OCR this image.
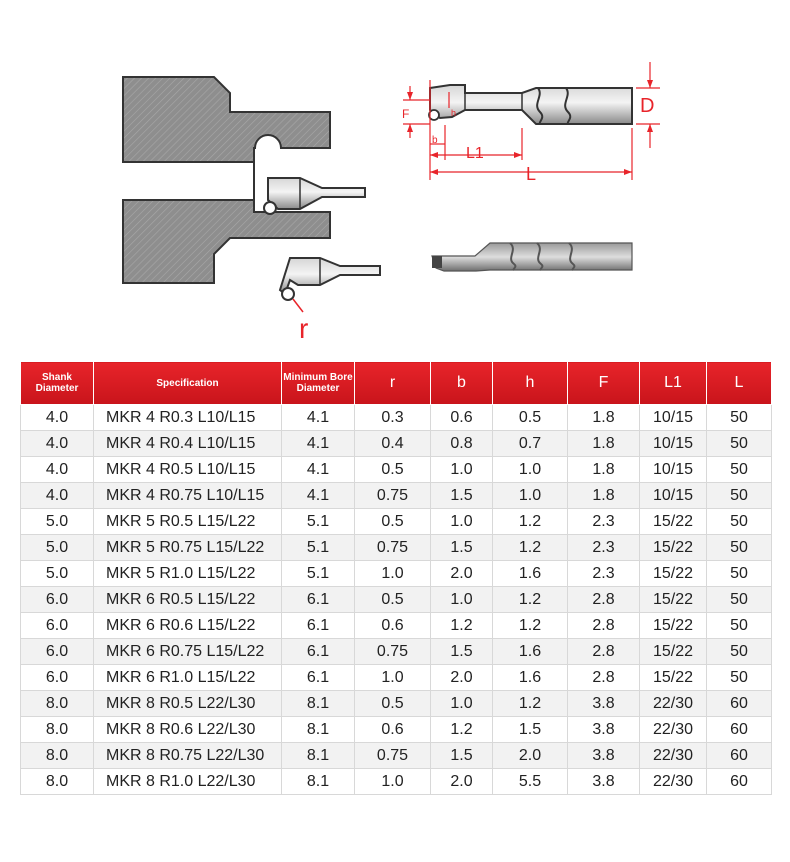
r
D
F	h
b
L1
L
Shank Diameter	Specification	Minimum Bore Diameter	r	b	h	F	L1	L
4.0	MKR 4 R0.3 L10/L15	4.1	0.3	0.6	0.5	1.8	10/15	50
4.0	MKR 4 R0.4 L10/L15	4.1	0.4	0.8	0.7	1.8	10/15	50
4.0	MKR 4 R0.5 L10/L15	4.1	0.5	1.0	1.0	1.8	10/15	50
4.0	MKR 4 R0.75 L10/L15	4.1	0.75	1.5	1.0	1.8	10/15	50
5.0	MKR 5 R0.5 L15/L22	5.1	0.5	1.0	1.2	2.3	15/22	50
5.0	MKR 5 R0.75 L15/L22	5.1	0.75	1.5	1.2	2.3	15/22	50
5.0	MKR 5 R1.0 L15/L22	5.1	1.0	2.0	1.6	2.3	15/22	50
6.0	MKR 6 R0.5 L15/L22	6.1	0.5	1.0	1.2	2.8	15/22	50
6.0	MKR 6 R0.6 L15/L22	6.1	0.6	1.2	1.2	2.8	15/22	50
6.0	MKR 6 R0.75 L15/L22	6.1	0.75	1.5	1.6	2.8	15/22	50
6.0	MKR 6 R1.0 L15/L22	6.1	1.0	2.0	1.6	2.8	15/22	50
8.0	MKR 8 R0.5 L22/L30	8.1	0.5	1.0	1.2	3.8	22/30	60
8.0	MKR 8 R0.6 L22/L30	8.1	0.6	1.2	1.5	3.8	22/30	60
8.0	MKR 8 R0.75 L22/L30	8.1	0.75	1.5	2.0	3.8	22/30	60
8.0	MKR 8 R1.0 L22/L30	8.1	1.0	2.0	5.5	3.8	22/30	60
